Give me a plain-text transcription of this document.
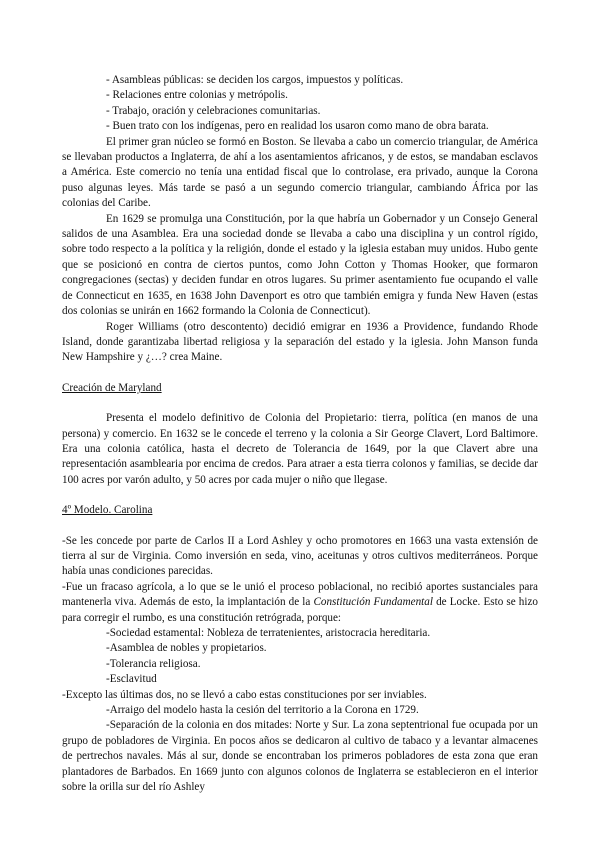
- Asambleas públicas: se deciden los cargos, impuestos y políticas.
- Relaciones entre colonias y metrópolis.
- Trabajo, oración y celebraciones comunitarias.
- Buen trato con los indígenas, pero en realidad los usaron como mano de obra barata.

El primer gran núcleo se formó en Boston. Se llevaba a cabo un comercio triangular, de América se llevaban productos a Inglaterra, de ahí a los asentamientos africanos, y de estos, se mandaban esclavos a América. Este comercio no tenía una entidad fiscal que lo controlase, era privado, aunque la Corona puso algunas leyes. Más tarde se pasó a un segundo comercio triangular, cambiando África por las colonias del Caribe.

En 1629 se promulga una Constitución, por la que habría un Gobernador y un Consejo General salidos de una Asamblea. Era una sociedad donde se llevaba a cabo una disciplina y un control rígido, sobre todo respecto a la política y la religión, donde el estado y la iglesia estaban muy unidos. Hubo gente que se posicionó en contra de ciertos puntos, como John Cotton y Thomas Hooker, que formaron congregaciones (sectas) y deciden fundar en otros lugares. Su primer asentamiento fue ocupando el valle de Connecticut en 1635, en 1638 John Davenport es otro que también emigra y funda New Haven (estas dos colonias se unirán en 1662 formando la Colonia de Connecticut).

Roger Williams (otro descontento) decidió emigrar en 1936 a Providence, fundando Rhode Island, donde garantizaba libertad religiosa y la separación del estado y la iglesia. John Manson funda New Hampshire y ¿…? crea Maine.

Creación de Maryland

Presenta el modelo definitivo de Colonia del Propietario: tierra, política (en manos de una persona) y comercio. En 1632 se le concede el terreno y la colonia a Sir George Clavert, Lord Baltimore. Era una colonia católica, hasta el decreto de Tolerancia de 1649, por la que Clavert abre una representación asamblearia por encima de credos. Para atraer a esta tierra colonos y familias, se decide dar 100 acres por varón adulto, y 50 acres por cada mujer o niño que llegase.

4º Modelo. Carolina

-Se les concede por parte de Carlos II a Lord Ashley y ocho promotores en 1663 una vasta extensión de tierra al sur de Virginia. Como inversión en seda, vino, aceitunas y otros cultivos mediterráneos. Porque había unas condiciones parecidas.

-Fue un fracaso agrícola, a lo que se le unió el proceso poblacional, no recibió aportes sustanciales para mantenerla viva. Además de esto, la implantación de la Constitución Fundamental de Locke. Esto se hizo para corregir el rumbo, es una constitución retrógrada, porque:

-Sociedad estamental: Nobleza de terratenientes, aristocracia hereditaria.
-Asamblea de nobles y propietarios.
-Tolerancia religiosa.
-Esclavitud

-Excepto las últimas dos, no se llevó a cabo estas constituciones por ser inviables.

-Arraigo del modelo hasta la cesión del territorio a la Corona en 1729.

-Separación de la colonia en dos mitades: Norte y Sur. La zona septentrional fue ocupada por un grupo de pobladores de Virginia. En pocos años se dedicaron al cultivo de tabaco y a levantar almacenes de pertrechos navales. Más al sur, donde se encontraban los primeros pobladores de esta zona que eran plantadores de Barbados. En 1669 junto con algunos colonos de Inglaterra se establecieron en el interior sobre la orilla sur del río Ashley
